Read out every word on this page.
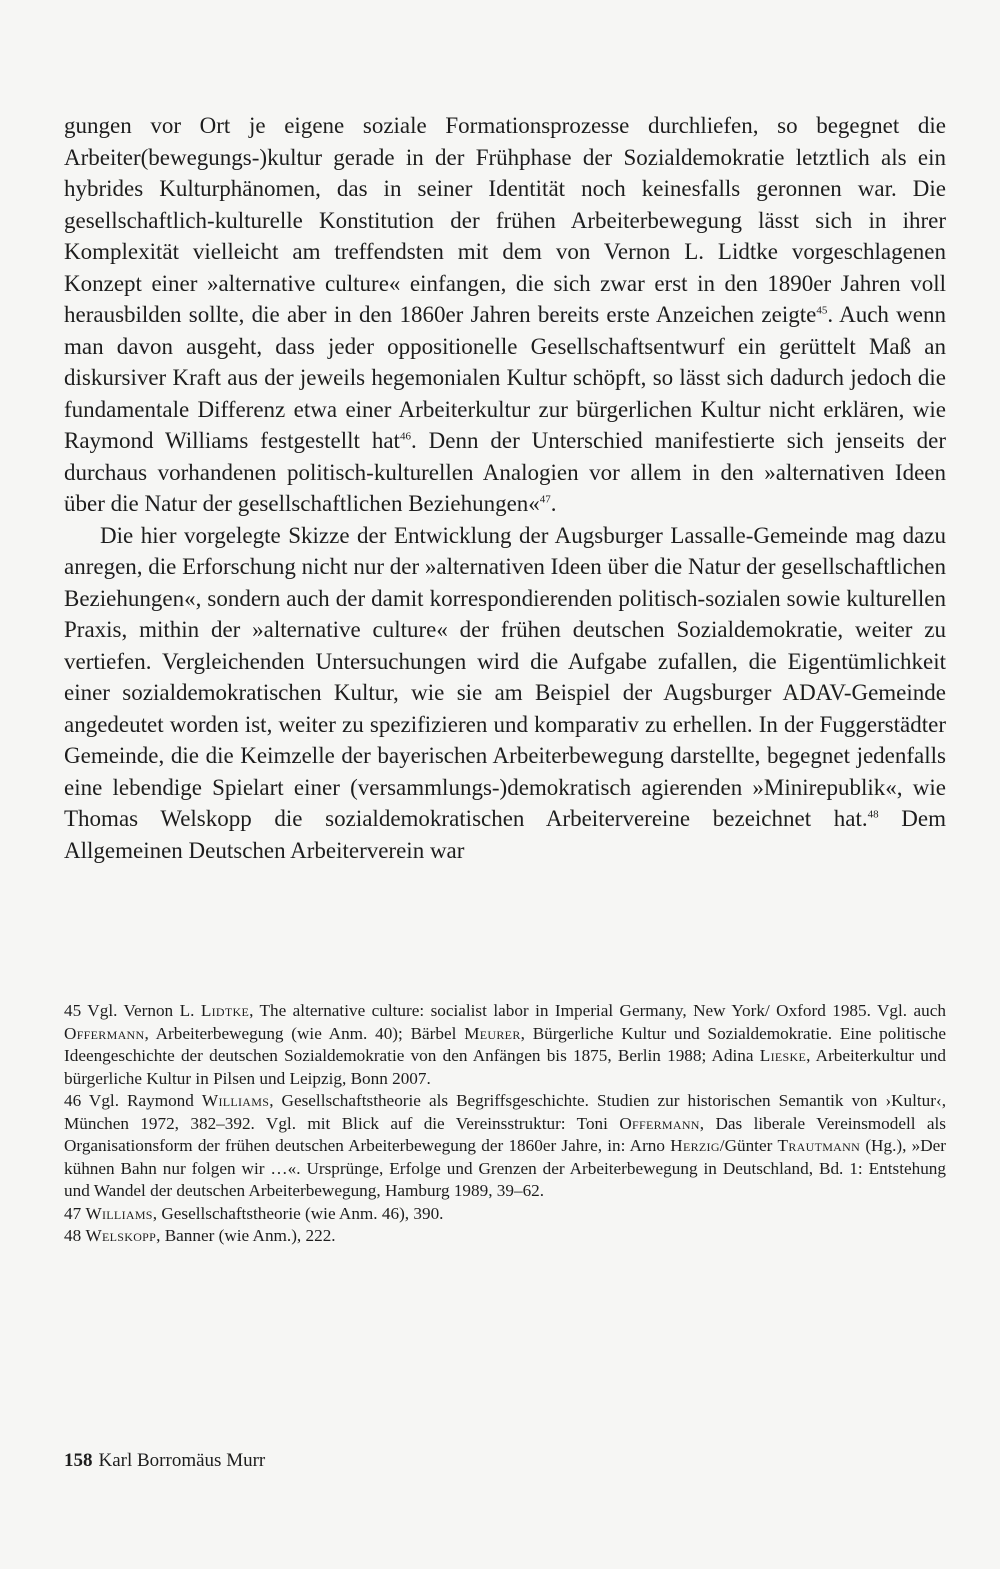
gungen vor Ort je eigene soziale Formationsprozesse durchliefen, so begegnet die Arbeiter(bewegungs-)kultur gerade in der Frühphase der Sozialdemokratie letztlich als ein hybrides Kulturphänomen, das in seiner Identität noch keinesfalls geronnen war. Die gesellschaftlich-kulturelle Konstitution der frühen Arbeiterbewegung lässt sich in ihrer Komplexität vielleicht am treffendsten mit dem von Vernon L. Lidtke vorgeschlagenen Konzept einer »alternative culture« einfangen, die sich zwar erst in den 1890er Jahren voll herausbilden sollte, die aber in den 1860er Jahren bereits erste Anzeichen zeigte$^{45}$. Auch wenn man davon ausgeht, dass jeder oppositionelle Gesellschaftsentwurf ein gerüttelt Maß an diskursiver Kraft aus der jeweils hegemonialen Kultur schöpft, so lässt sich dadurch jedoch die fundamentale Differenz etwa einer Arbeiterkultur zur bürgerlichen Kultur nicht erklären, wie Raymond Williams festgestellt hat$^{46}$. Denn der Unterschied manifestierte sich jenseits der durchaus vorhandenen politisch-kulturellen Analogien vor allem in den »alternativen Ideen über die Natur der gesellschaftlichen Beziehungen«$^{47}$.

Die hier vorgelegte Skizze der Entwicklung der Augsburger Lassalle-Gemeinde mag dazu anregen, die Erforschung nicht nur der »alternativen Ideen über die Natur der gesellschaftlichen Beziehungen«, sondern auch der damit korrespondierenden politisch-sozialen sowie kulturellen Praxis, mithin der »alternative culture« der frühen deutschen Sozialdemokratie, weiter zu vertiefen. Vergleichenden Untersuchungen wird die Aufgabe zufallen, die Eigentümlichkeit einer sozialdemokratischen Kultur, wie sie am Beispiel der Augsburger ADAV-Gemeinde angedeutet worden ist, weiter zu spezifizieren und komparativ zu erhellen. In der Fuggerstädter Gemeinde, die die Keimzelle der bayerischen Arbeiterbewegung darstellte, begegnet jedenfalls eine lebendige Spielart einer (versammlungs-)demokratisch agierenden »Minirepublik«, wie Thomas Welskopp die sozialdemokratischen Arbeitervereine bezeichnet hat.$^{48}$ Dem Allgemeinen Deutschen Arbeiterverein war

45 Vgl. Vernon L. Lidtke, The alternative culture: socialist labor in Imperial Germany, New York/ Oxford 1985. Vgl. auch Offermann, Arbeiterbewegung (wie Anm. 40); Bärbel Meurer, Bürgerliche Kultur und Sozialdemokratie. Eine politische Ideengeschichte der deutschen Sozialdemokratie von den Anfängen bis 1875, Berlin 1988; Adina Lieske, Arbeiterkultur und bürgerliche Kultur in Pilsen und Leipzig, Bonn 2007.

46 Vgl. Raymond Williams, Gesellschaftstheorie als Begriffsgeschichte. Studien zur historischen Semantik von ›Kultur‹, München 1972, 382–392. Vgl. mit Blick auf die Vereinsstruktur: Toni Offermann, Das liberale Vereinsmodell als Organisationsform der frühen deutschen Arbeiterbewegung der 1860er Jahre, in: Arno Herzig/Günter Trautmann (Hg.), »Der kühnen Bahn nur folgen wir …«. Ursprünge, Erfolge und Grenzen der Arbeiterbewegung in Deutschland, Bd. 1: Entstehung und Wandel der deutschen Arbeiterbewegung, Hamburg 1989, 39–62.

47 Williams, Gesellschaftstheorie (wie Anm. 46), 390.

48 Welskopp, Banner (wie Anm.), 222.

158 Karl Borromäus Murr
